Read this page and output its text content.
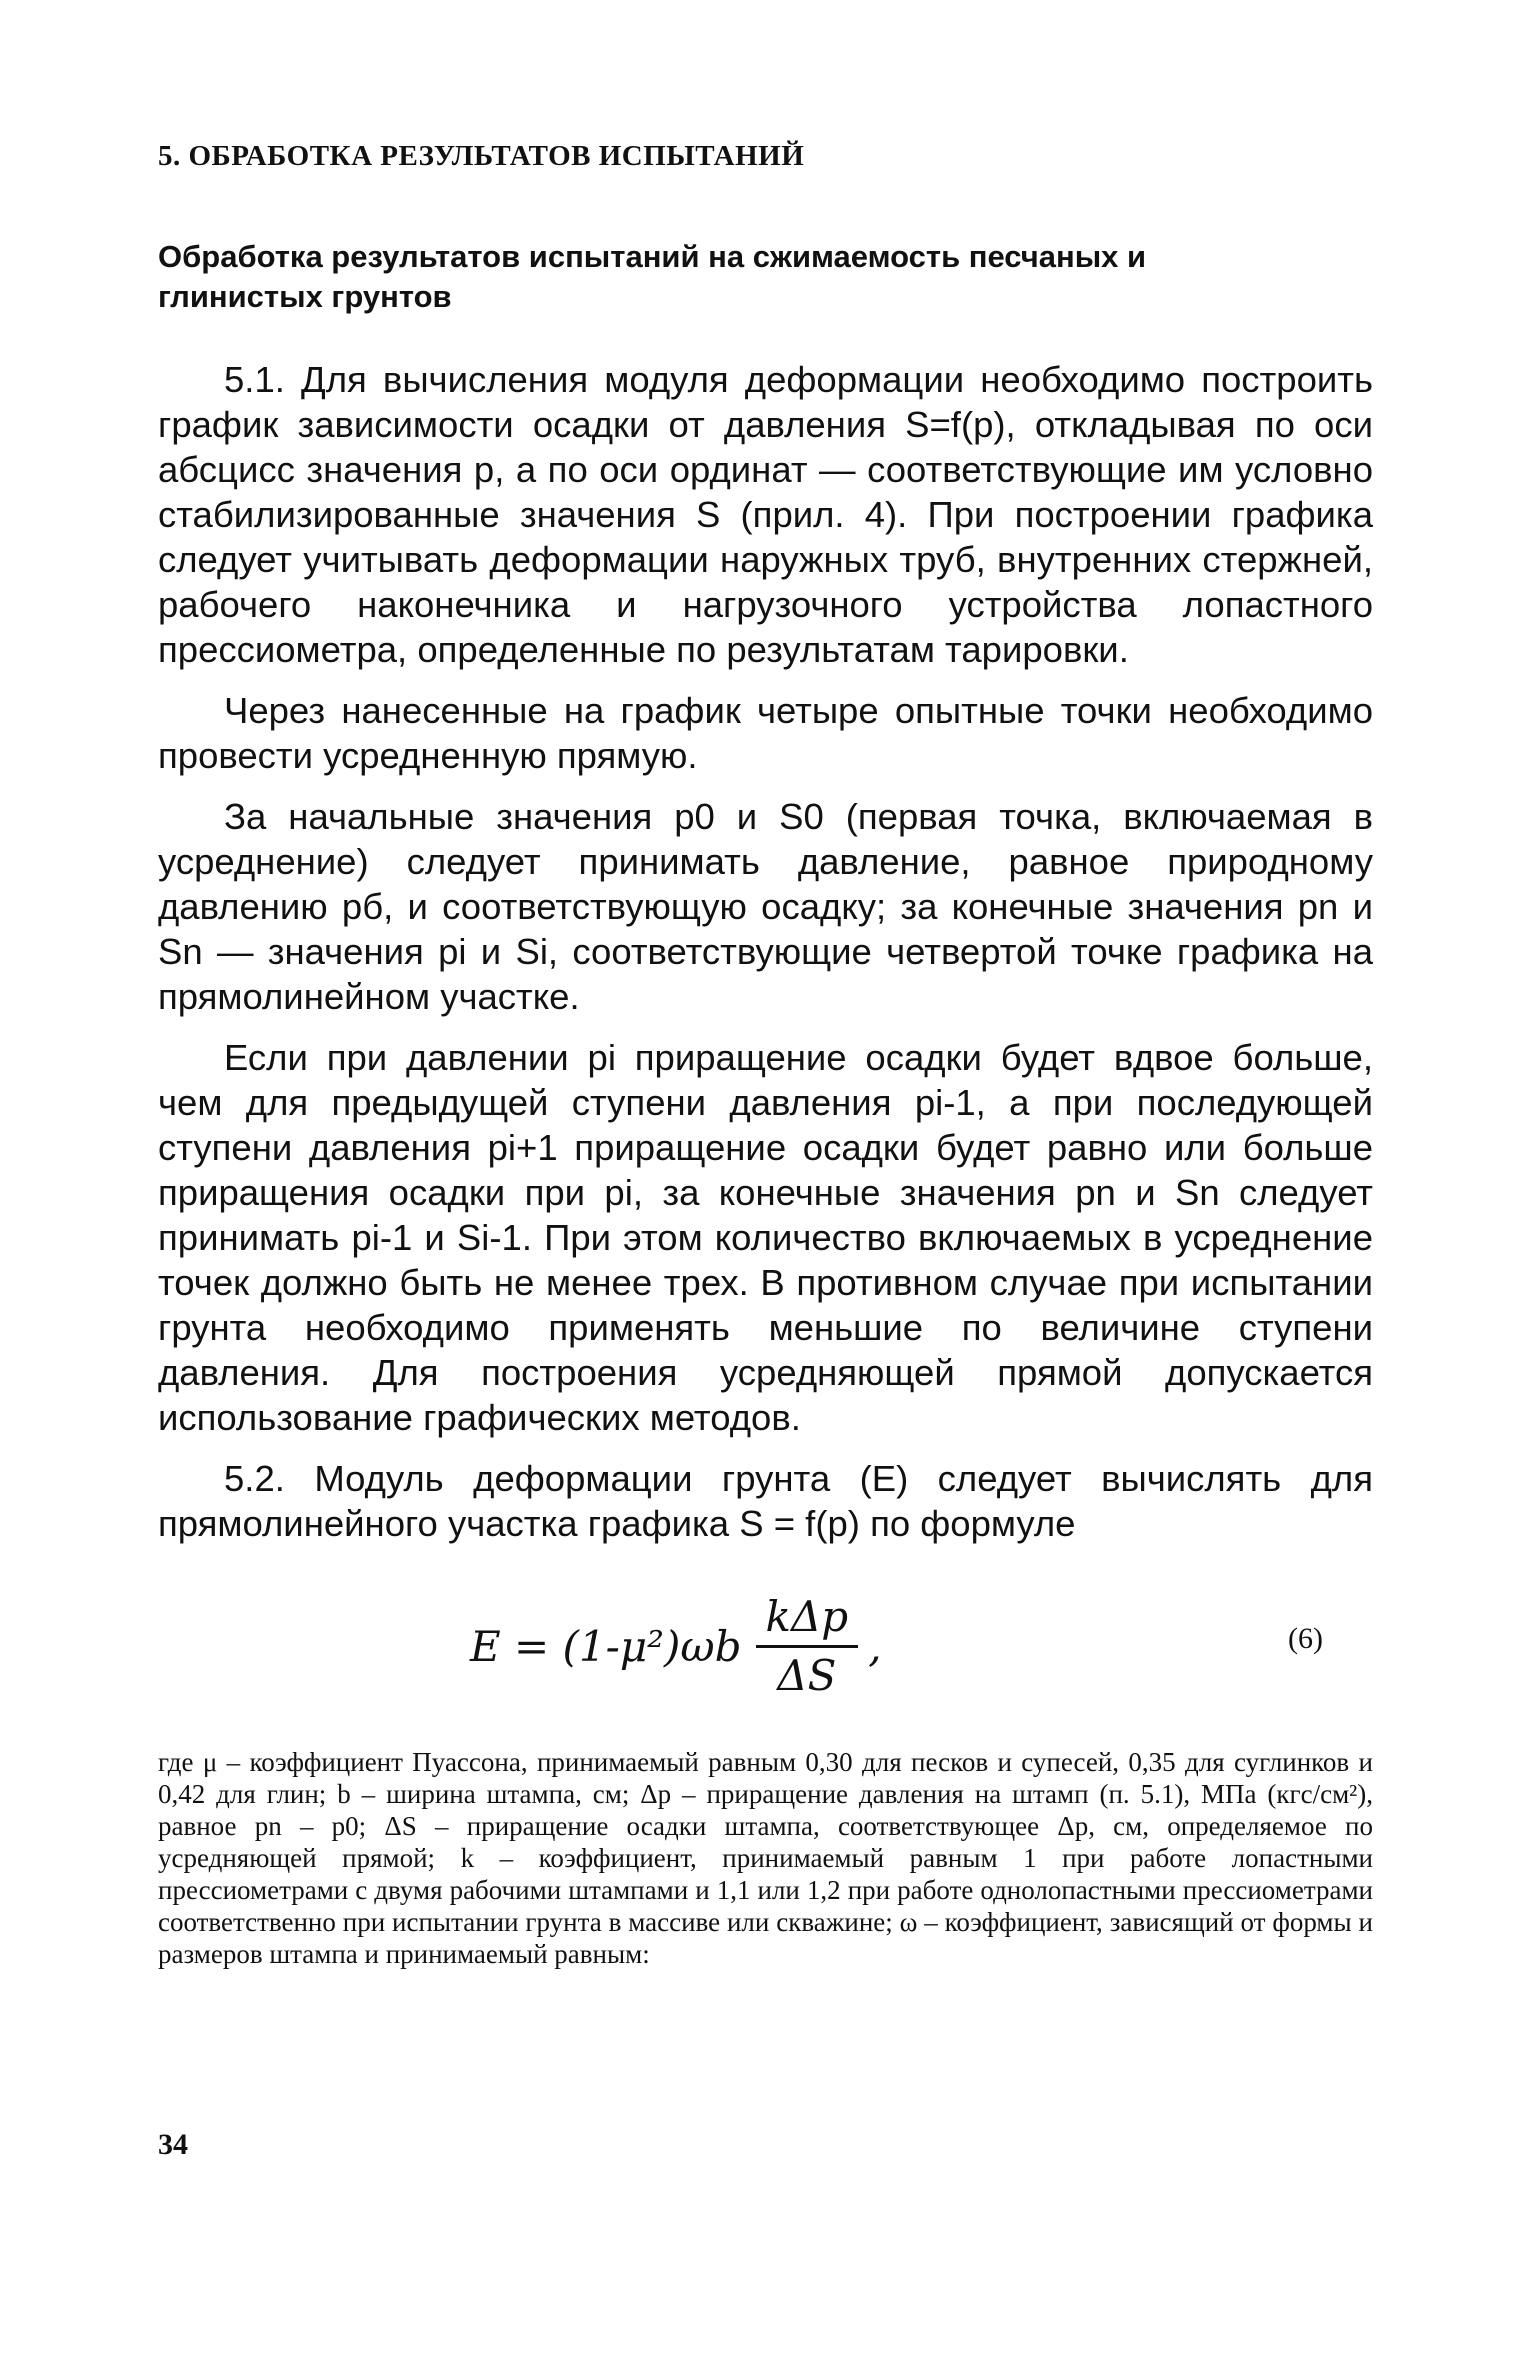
5. ОБРАБОТКА РЕЗУЛЬТАТОВ ИСПЫТАНИЙ
Обработка результатов испытаний на сжимаемость песчаных и глинистых грунтов

5.1. Для вычисления модуля деформации необходимо построить график зависимости осадки от давления S=f(p), откладывая по оси абсцисс значения p, а по оси ординат — соответствующие им условно стабилизированные значения S (прил. 4). При построении графика следует учитывать деформации наружных труб, внутренних стержней, рабочего наконечника и нагрузочного устройства лопастного прессиометра, определенные по результатам тарировки.

Через нанесенные на график четыре опытные точки необходимо провести усредненную прямую.

За начальные значения p0 и S0 (первая точка, включаемая в усреднение) следует принимать давление, равное природному давлению pб, и соответствующую осадку; за конечные значения pn и Sn — значения pi и Si, соответствующие четвертой точке графика на прямолинейном участке.

Если при давлении pi приращение осадки будет вдвое больше, чем для предыдущей ступени давления pi-1, а при последующей ступени давления pi+1 приращение осадки будет равно или больше приращения осадки при pi, за конечные значения pn и Sn следует принимать pi-1 и Si-1. При этом количество включаемых в усреднение точек должно быть не менее трех. В противном случае при испытании грунта необходимо применять меньшие по величине ступени давления. Для построения усредняющей прямой допускается использование графических методов.

5.2. Модуль деформации грунта (E) следует вычислять для прямолинейного участка графика S = f(p) по формуле

$E = (1-\mu^2)\omega b \frac{\text{kΔp}}{\Delta S}$ ,	(6)

где μ – коэффициент Пуассона, принимаемый равным 0,30 для песков и супесей, 0,35 для суглинков и 0,42 для глин; b – ширина штампа, см; Δp – приращение давления на штамп (п. 5.1), МПа (кгс/см²), равное pn – p0; ΔS – приращение осадки штампа, соответствующее Δp, см, определяемое по усредняющей прямой; k – коэффициент, принимаемый равным 1 при работе лопастными прессиометрами с двумя рабочими штампами и 1,1 или 1,2 при работе однолопастными прессиометрами соответственно при испытании грунта в массиве или скважине; ω – коэффициент, зависящий от формы и размеров штампа и принимаемый равным:

34
